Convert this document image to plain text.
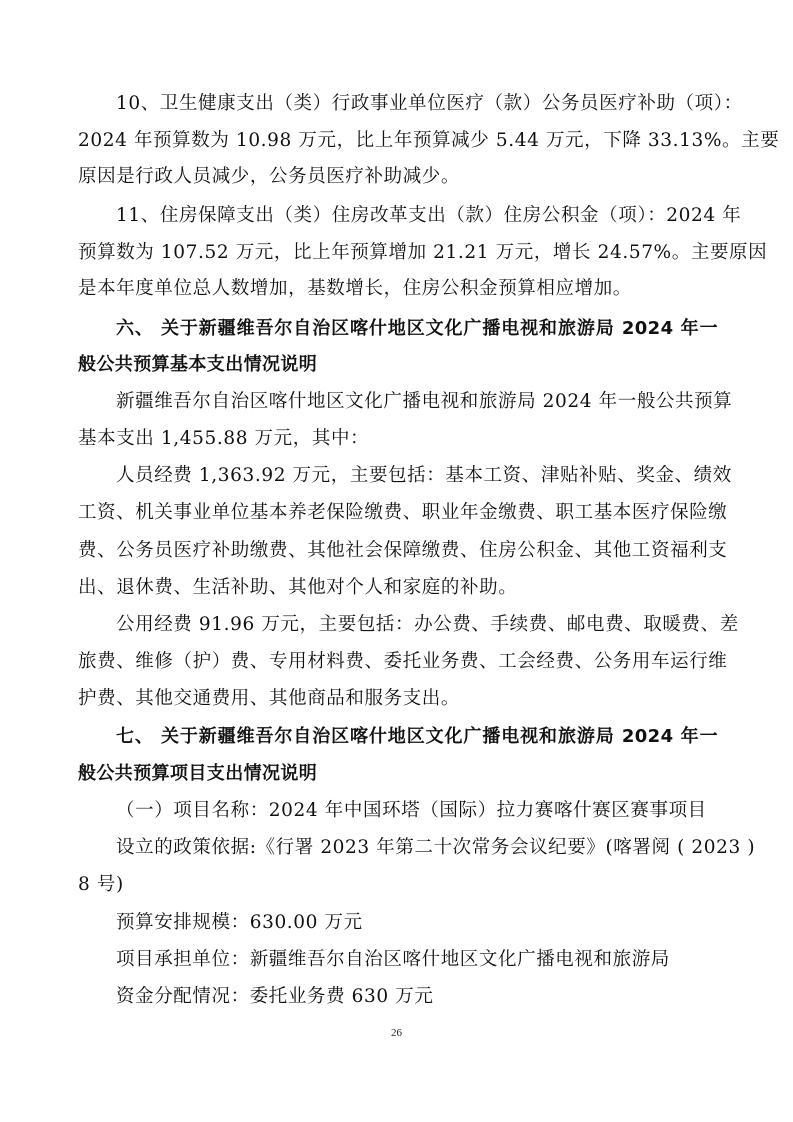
10、卫生健康支出（类）行政事业单位医疗（款）公务员医疗补助（项）：
2024 年预算数为 10.98 万元，比上年预算减少 5.44 万元，下降 33.13%。主要
原因是行政人员减少，公务员医疗补助减少。
11、住房保障支出（类）住房改革支出（款）住房公积金（项）：2024 年
预算数为 107.52 万元，比上年预算增加 21.21 万元，增长 24.57%。主要原因
是本年度单位总人数增加，基数增长，住房公积金预算相应增加。
六、 关于新疆维吾尔自治区喀什地区文化广播电视和旅游局 2024 年一
般公共预算基本支出情况说明
新疆维吾尔自治区喀什地区文化广播电视和旅游局 2024 年一般公共预算
基本支出 1,455.88 万元，其中：
人员经费 1,363.92 万元，主要包括：基本工资、津贴补贴、奖金、绩效
工资、机关事业单位基本养老保险缴费、职业年金缴费、职工基本医疗保险缴
费、公务员医疗补助缴费、其他社会保障缴费、住房公积金、其他工资福利支
出、退休费、生活补助、其他对个人和家庭的补助。
公用经费 91.96 万元，主要包括：办公费、手续费、邮电费、取暖费、差
旅费、维修（护）费、专用材料费、委托业务费、工会经费、公务用车运行维
护费、其他交通费用、其他商品和服务支出。
七、 关于新疆维吾尔自治区喀什地区文化广播电视和旅游局 2024 年一
般公共预算项目支出情况说明
（一）项目名称：2024 年中国环塔（国际）拉力赛喀什赛区赛事项目
设立的政策依据:《行署 2023 年第二十次常务会议纪要》(喀署阅 ( 2023 )
8 号)
预算安排规模：630.00 万元
项目承担单位：新疆维吾尔自治区喀什地区文化广播电视和旅游局
资金分配情况：委托业务费 630 万元
26
